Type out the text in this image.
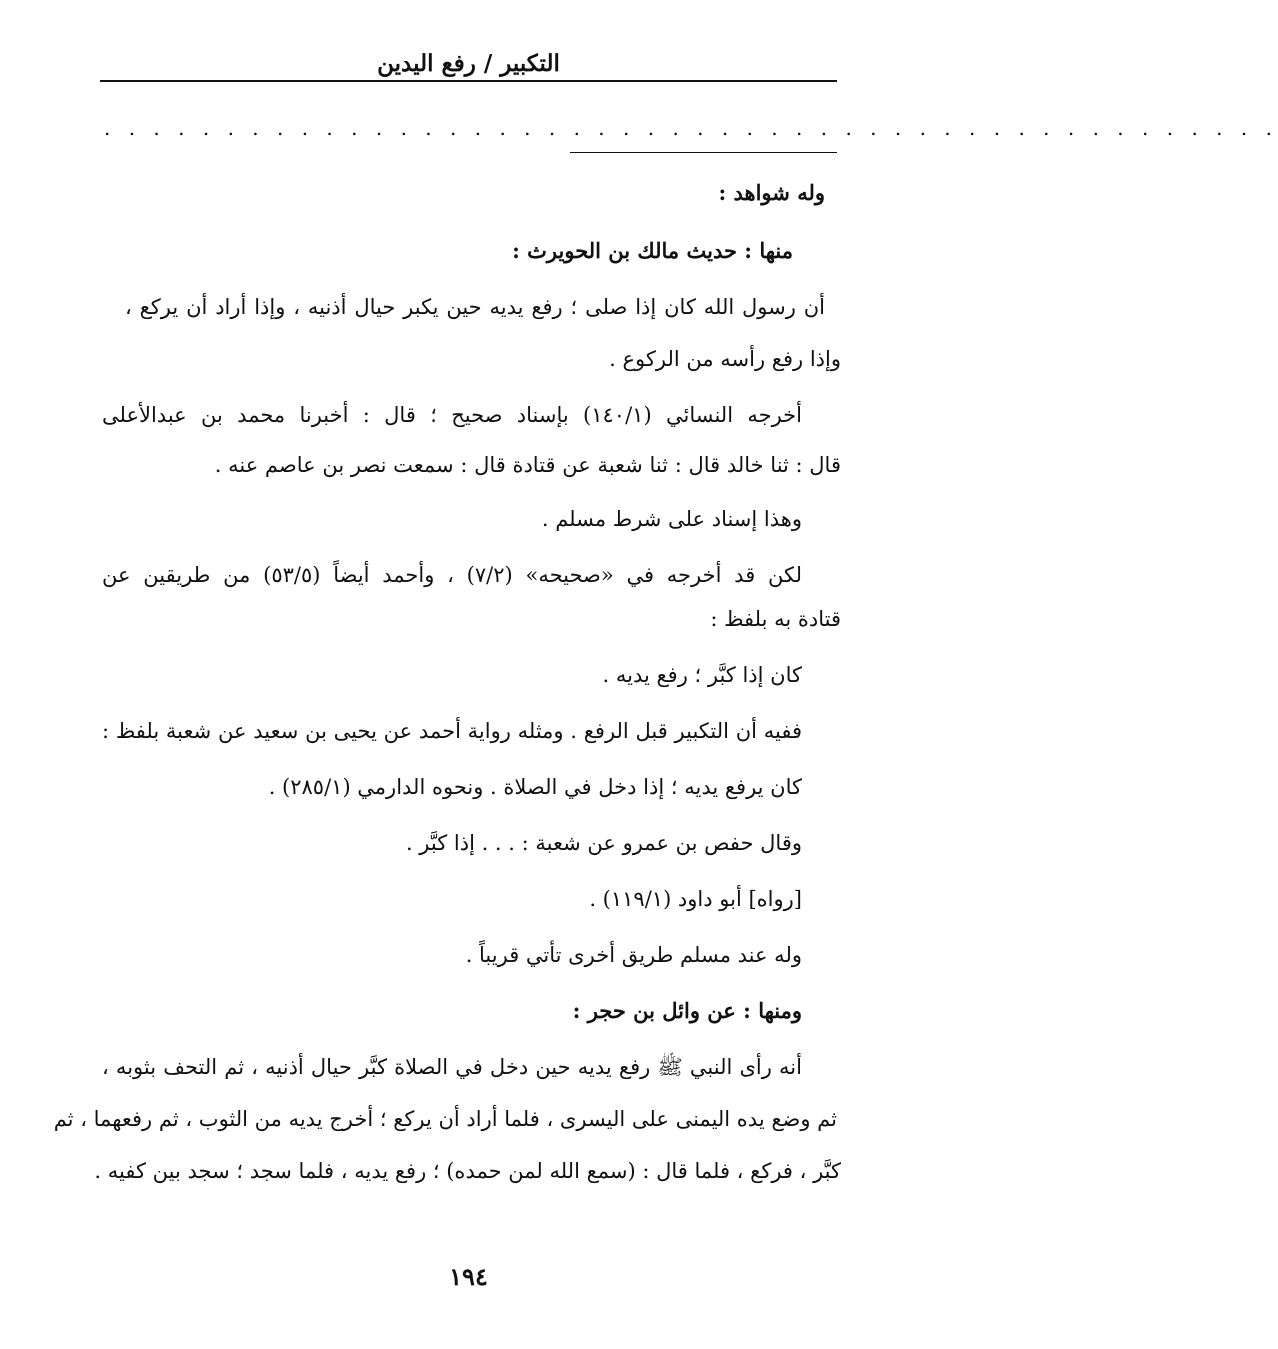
التكبير / رفع اليدين
. . . . . . . . . . . . . . . . . . . . . . . . . . . . . . . . . . . . . . . . . . . . . . . .
وله شواهد :
منها : حديث مالك بن الحويرث :
أن رسول الله كان إذا صلى ؛ رفع يديه حين يكبر حيال أذنيه ، وإذا أراد أن يركع ،
وإذا رفع رأسه من الركوع .
أخرجه النسائي (١٤٠/١) بإسناد صحيح ؛ قال : أخبرنا محمد بن عبدالأعلى
قال : ثنا خالد قال : ثنا شعبة عن قتادة قال : سمعت نصر بن عاصم عنه .
وهذا إسناد على شرط مسلم .
لكن قد أخرجه في «صحيحه» (٧/٢) ، وأحمد أيضاً (٥٣/٥) من طريقين عن
قتادة به بلفظ :
كان إذا كبَّر ؛ رفع يديه .
ففيه أن التكبير قبل الرفع . ومثله رواية أحمد عن يحيى بن سعيد عن شعبة بلفظ :
كان يرفع يديه ؛ إذا دخل في الصلاة . ونحوه الدارمي (٢٨٥/١) .
وقال حفص بن عمرو عن شعبة : . . . إذا كبَّر .
[رواه] أبو داود (١١٩/١) .
وله عند مسلم طريق أخرى تأتي قريباً .
ومنها : عن وائل بن حجر :
أنه رأى النبي ﷺ رفع يديه حين دخل في الصلاة كبَّر حيال أذنيه ، ثم التحف بثوبه ،
ثم وضع يده اليمنى على اليسرى ، فلما أراد أن يركع ؛ أخرج يديه من الثوب ، ثم رفعهما ، ثم
كبَّر ، فركع ، فلما قال : (سمع الله لمن حمده) ؛ رفع يديه ، فلما سجد ؛ سجد بين كفيه .
١٩٤
